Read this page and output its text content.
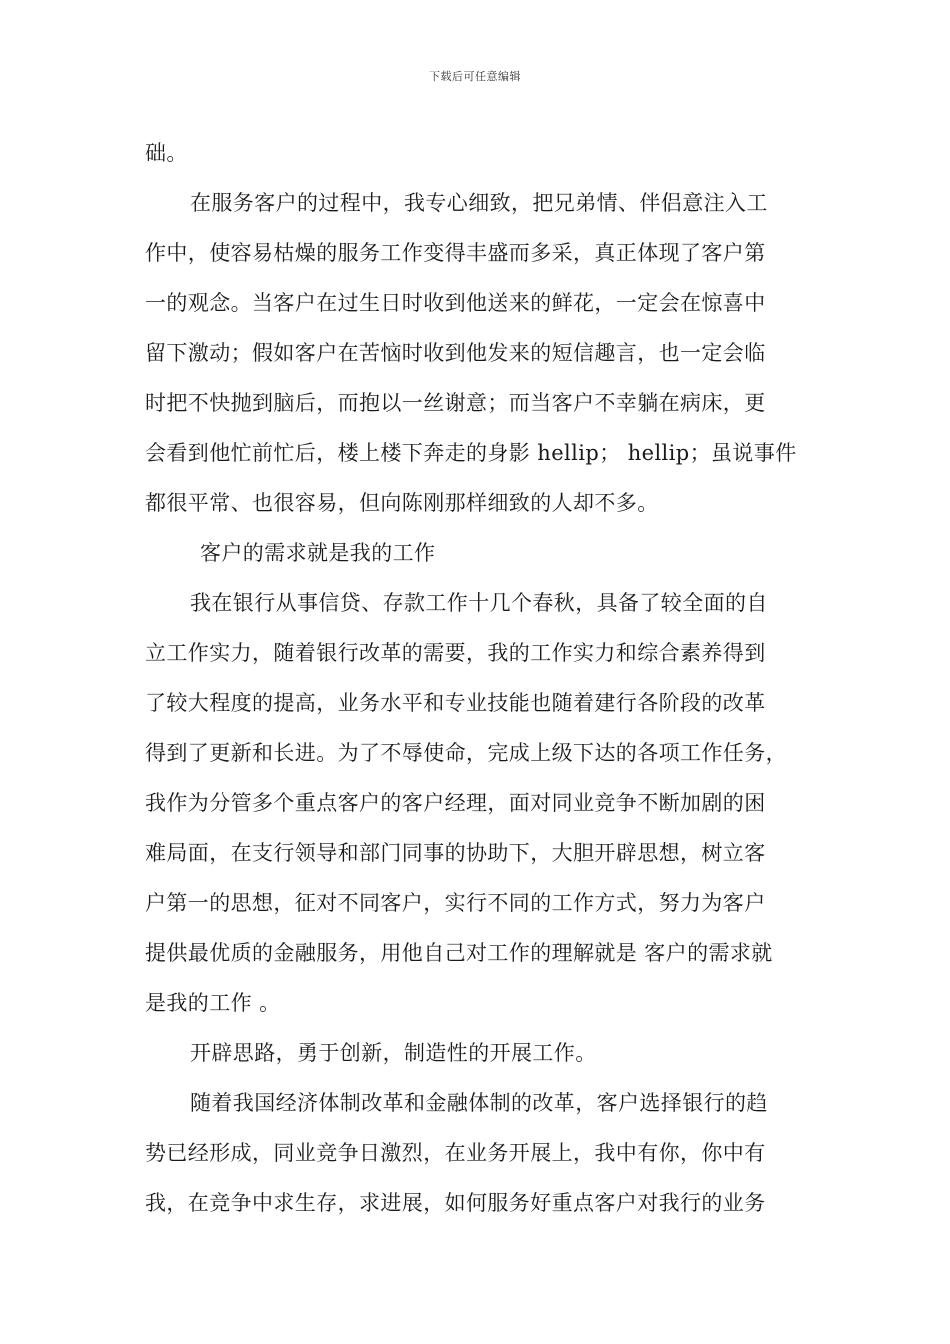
下载后可任意编辑
础。
在服务客户的过程中，我专心细致，把兄弟情、伴侣意注入工
作中，使容易枯燥的服务工作变得丰盛而多采，真正体现了客户第
一的观念。当客户在过生日时收到他送来的鲜花，一定会在惊喜中
留下激动；假如客户在苦恼时收到他发来的短信趣言，也一定会临
时把不快抛到脑后，而抱以一丝谢意；而当客户不幸躺在病床，更
会看到他忙前忙后，楼上楼下奔走的身影 hellip； hellip；虽说事件
都很平常、也很容易，但向陈刚那样细致的人却不多。
客户的需求就是我的工作
我在银行从事信贷、存款工作十几个春秋，具备了较全面的自
立工作实力，随着银行改革的需要，我的工作实力和综合素养得到
了较大程度的提高，业务水平和专业技能也随着建行各阶段的改革
得到了更新和长进。为了不辱使命，完成上级下达的各项工作任务，
我作为分管多个重点客户的客户经理，面对同业竞争不断加剧的困
难局面，在支行领导和部门同事的协助下，大胆开辟思想，树立客
户第一的思想，征对不同客户，实行不同的工作方式，努力为客户
提供最优质的金融服务，用他自己对工作的理解就是 客户的需求就
是我的工作 。
开辟思路，勇于创新，制造性的开展工作。
随着我国经济体制改革和金融体制的改革，客户选择银行的趋
势已经形成，同业竞争日激烈，在业务开展上，我中有你，你中有
我，在竞争中求生存，求进展，如何服务好重点客户对我行的业务
